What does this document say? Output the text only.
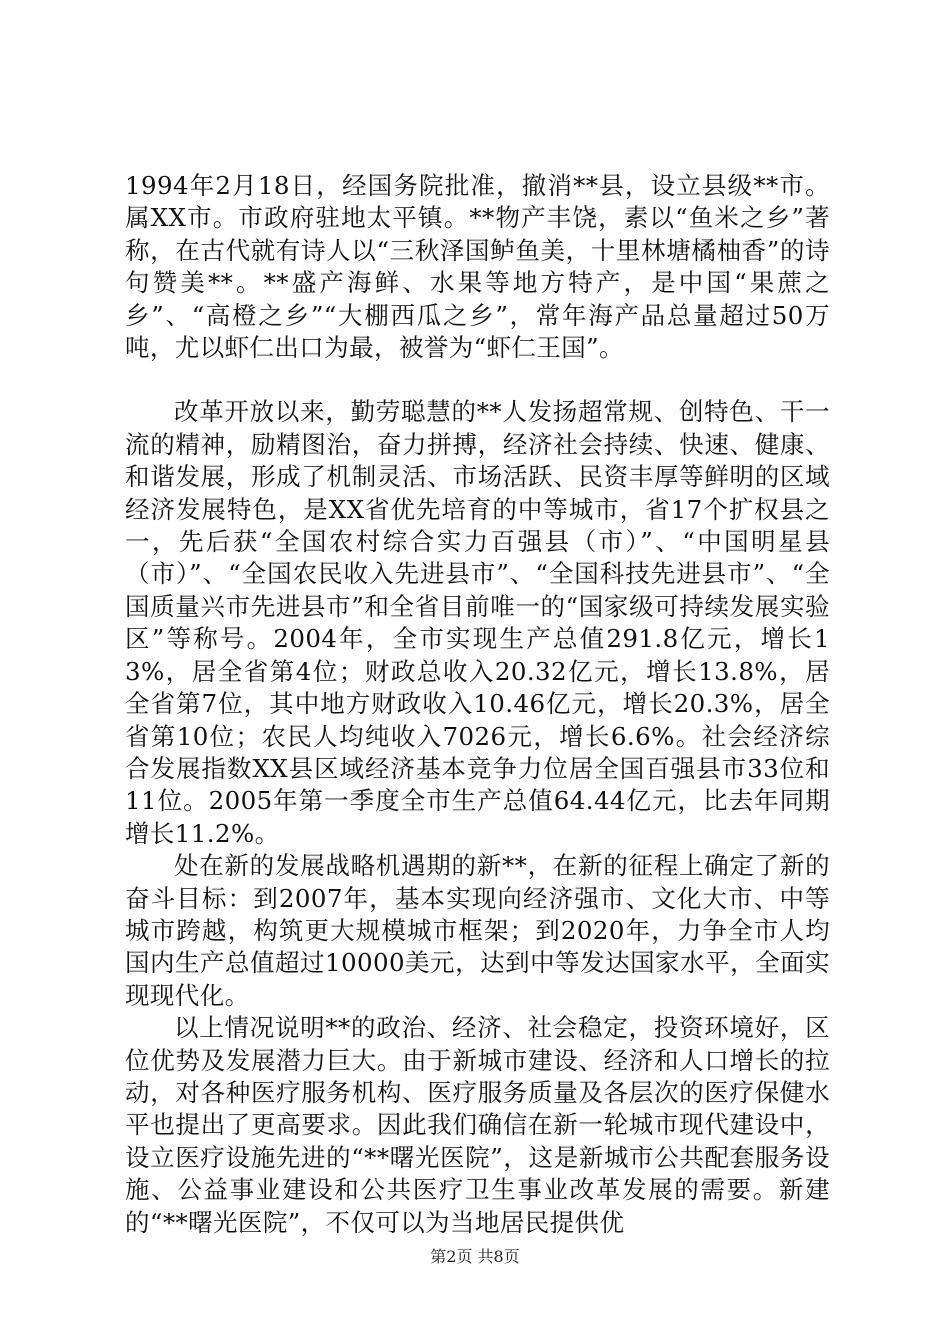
1994年2月18日，经国务院批准，撤消**县，设立县级**市。属XX市。市政府驻地太平镇。**物产丰饶，素以“鱼米之乡”著称，在古代就有诗人以“三秋泽国鲈鱼美，十里林塘橘柚香”的诗句赞美**。**盛产海鲜、水果等地方特产，是中国“果蔗之乡”、“高橙之乡”“大棚西瓜之乡”，常年海产品总量超过50万吨，尤以虾仁出口为最，被誉为“虾仁王国”。

改革开放以来，勤劳聪慧的**人发扬超常规、创特色、干一流的精神，励精图治，奋力拼搏，经济社会持续、快速、健康、和谐发展，形成了机制灵活、市场活跃、民资丰厚等鲜明的区域经济发展特色，是XX省优先培育的中等城市，省17个扩权县之一，先后获“全国农村综合实力百强县（市）”、“中国明星县（市）”、“全国农民收入先进县市”、“全国科技先进县市”、“全国质量兴市先进县市”和全省目前唯一的“国家级可持续发展实验区”等称号。2004年，全市实现生产总值291.8亿元，增长13%，居全省第4位；财政总收入20.32亿元，增长13.8%，居全省第7位，其中地方财政收入10.46亿元，增长20.3%，居全省第10位；农民人均纯收入7026元，增长6.6%。社会经济综合发展指数XX县区域经济基本竞争力位居全国百强县市33位和11位。2005年第一季度全市生产总值64.44亿元，比去年同期增长11.2%。

处在新的发展战略机遇期的新**，在新的征程上确定了新的奋斗目标：到2007年，基本实现向经济强市、文化大市、中等城市跨越，构筑更大规模城市框架；到2020年，力争全市人均国内生产总值超过10000美元，达到中等发达国家水平，全面实现现代化。

以上情况说明**的政治、经济、社会稳定，投资环境好，区位优势及发展潜力巨大。由于新城市建设、经济和人口增长的拉动，对各种医疗服务机构、医疗服务质量及各层次的医疗保健水平也提出了更高要求。因此我们确信在新一轮城市现代建设中，设立医疗设施先进的“**曙光医院”，这是新城市公共配套服务设施、公益事业建设和公共医疗卫生事业改革发展的需要。新建的“**曙光医院”，不仅可以为当地居民提供优

第2页 共8页
